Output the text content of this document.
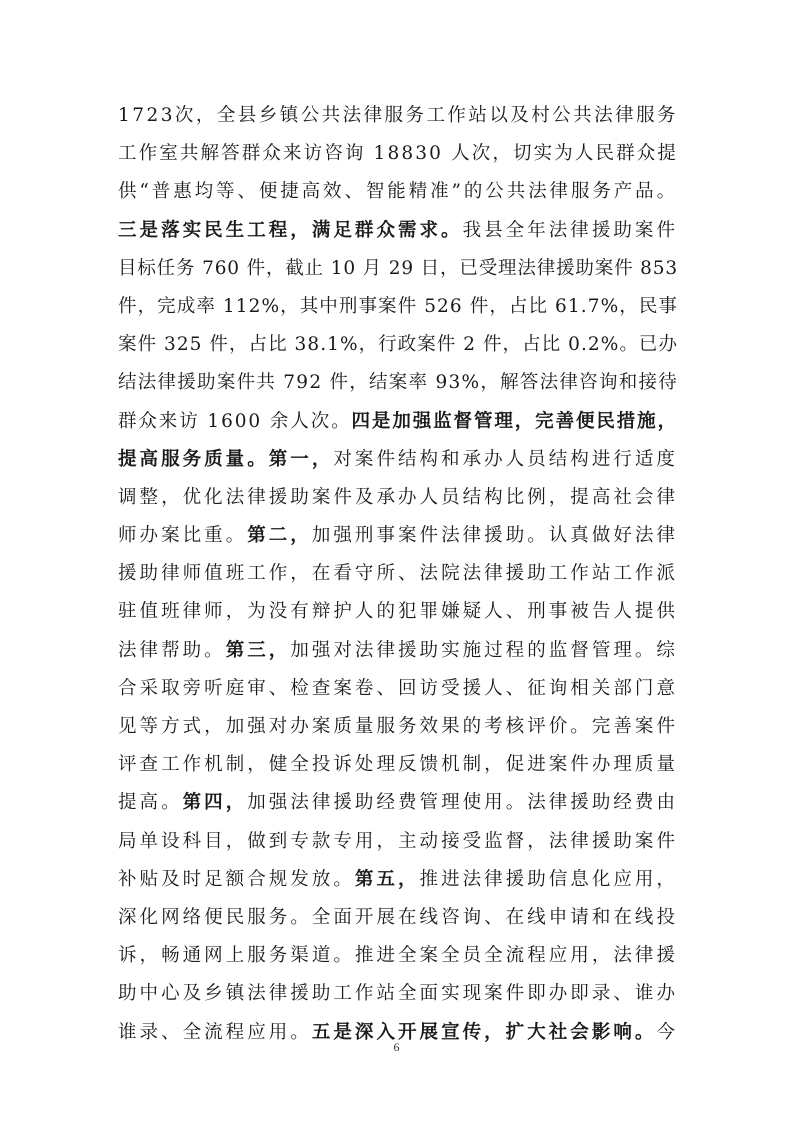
1723次，全县乡镇公共法律服务工作站以及村公共法律服务
工作室共解答群众来访咨询 18830 人次，切实为人民群众提
供“普惠均等、便捷高效、智能精准”的公共法律服务产品。
三是落实民生工程，满足群众需求。我县全年法律援助案件
目标任务 760 件，截止 10 月 29 日，已受理法律援助案件 853
件，完成率 112%，其中刑事案件 526 件，占比 61.7%，民事
案件 325 件，占比 38.1%，行政案件 2 件，占比 0.2%。已办
结法律援助案件共 792 件，结案率 93%，解答法律咨询和接待
群众来访 1600 余人次。四是加强监督管理，完善便民措施，
提高服务质量。第一，对案件结构和承办人员结构进行适度
调整，优化法律援助案件及承办人员结构比例，提高社会律
师办案比重。第二，加强刑事案件法律援助。认真做好法律
援助律师值班工作，在看守所、法院法律援助工作站工作派
驻值班律师，为没有辩护人的犯罪嫌疑人、刑事被告人提供
法律帮助。第三，加强对法律援助实施过程的监督管理。综
合采取旁听庭审、检查案卷、回访受援人、征询相关部门意
见等方式，加强对办案质量服务效果的考核评价。完善案件
评查工作机制，健全投诉处理反馈机制，促进案件办理质量
提高。第四，加强法律援助经费管理使用。法律援助经费由
局单设科目，做到专款专用，主动接受监督，法律援助案件
补贴及时足额合规发放。第五，推进法律援助信息化应用，
深化网络便民服务。全面开展在线咨询、在线申请和在线投
诉，畅通网上服务渠道。推进全案全员全流程应用，法律援
助中心及乡镇法律援助工作站全面实现案件即办即录、谁办
谁录、全流程应用。五是深入开展宣传，扩大社会影响。今
6
